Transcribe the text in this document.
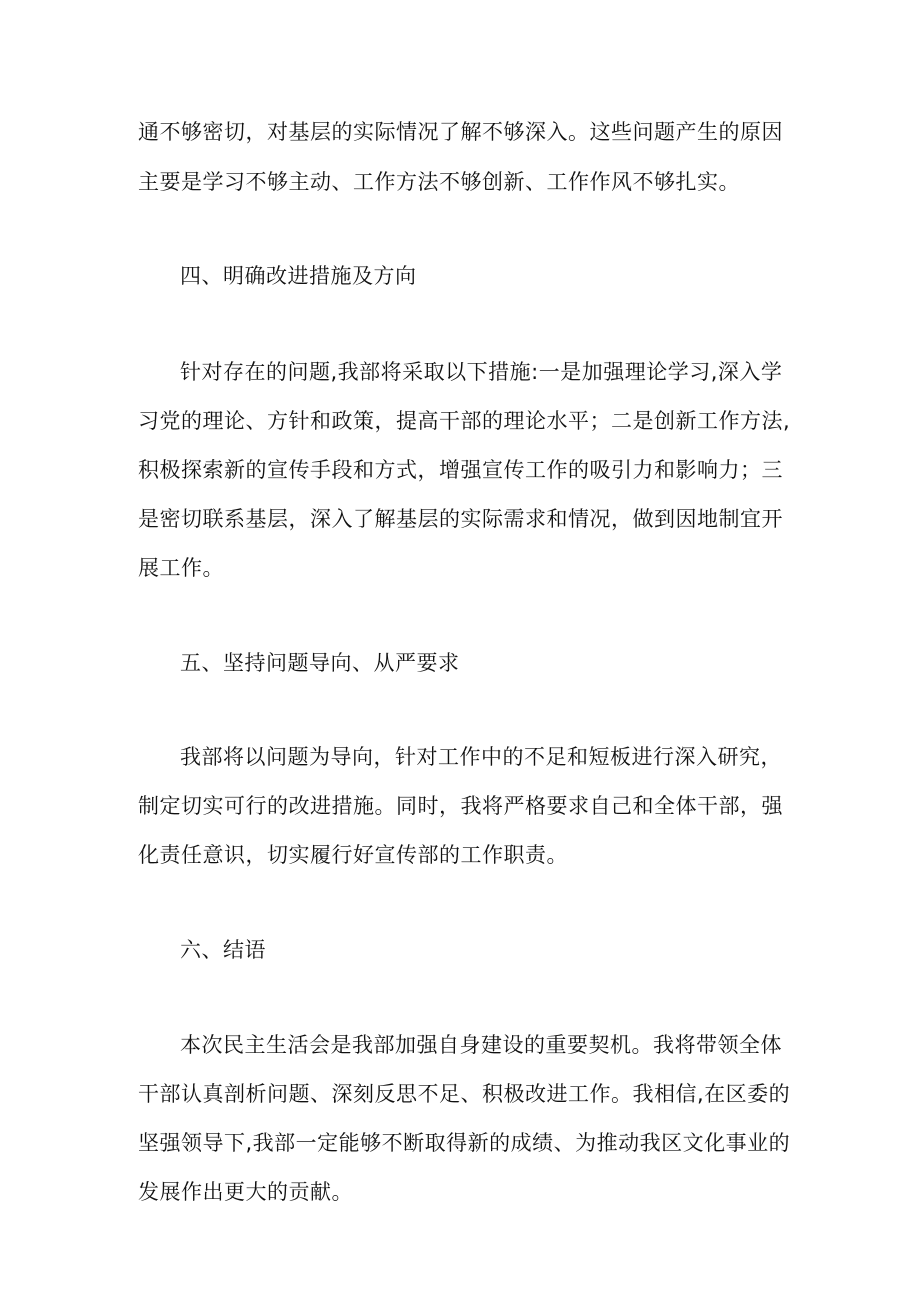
通不够密切，对基层的实际情况了解不够深入。这些问题产生的原因
主要是学习不够主动、工作方法不够创新、工作作风不够扎实。
四、明确改进措施及方向
针对存在的问题,我部将采取以下措施:一是加强理论学习,深入学
习党的理论、方针和政策，提高干部的理论水平；二是创新工作方法,
积极探索新的宣传手段和方式，增强宣传工作的吸引力和影响力；三
是密切联系基层，深入了解基层的实际需求和情况，做到因地制宜开
展工作。
五、坚持问题导向、从严要求
我部将以问题为导向，针对工作中的不足和短板进行深入研究，
制定切实可行的改进措施。同时，我将严格要求自己和全体干部，强
化责任意识，切实履行好宣传部的工作职责。
六、结语
本次民主生活会是我部加强自身建设的重要契机。我将带领全体
干部认真剖析问题、深刻反思不足、积极改进工作。我相信,在区委的
坚强领导下,我部一定能够不断取得新的成绩、为推动我区文化事业的
发展作出更大的贡献。
